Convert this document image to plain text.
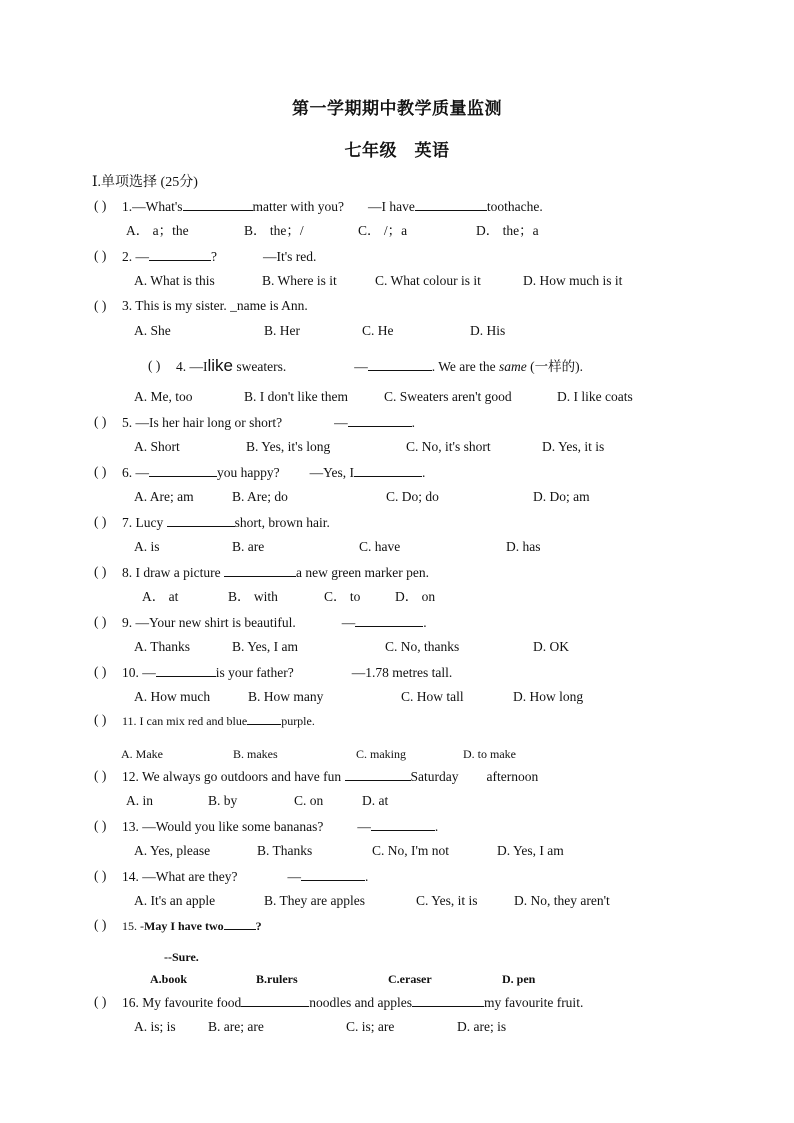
第一学期期中教学质量监测
七年级　英语
Ⅰ.单项选择 (25分)
( ) 1.—What's	matter with you? —I have	toothache.
A． a；the	B． the；/	C． /；a	D． the；a
( ) 2. —	?	—It's red.
A. What is this	B. Where is it	C. What colour is it	D. How much is it
( ) 3. This is my sister. _name is Ann.
A. She	B. Her	C. He	D. His
( ) 4. —Ilike sweaters.	—	. We are the same (一样的).
A. Me, too	B. I don't like them	C. Sweaters aren't good	D. I like coats
( ) 5. —Is her hair long or short?	—	.
A. Short	B. Yes, it's long	C. No, it's short	D. Yes, it is
( ) 6. —	you happy? —Yes, I	.
A. Are; am	B. Are; do	C. Do; do	D. Do; am
( ) 7. Lucy	short, brown hair.
A. is	B. are	C. have	D. has
( ) 8. I draw a picture	a new green marker pen.
A． at	B． with	C． to	D． on
( ) 9. —Your new shirt is beautiful.	—	.
A. Thanks	B. Yes, I am	C. No, thanks	D. OK
( ) 10. —	is your father?	—1.78 metres tall.
A. How much	B. How many	C. How tall	D. How long
( ) 11. I can mix red and blue	purple.
A. Make	B. makes	C. making	D. to make
( ) 12. We always go outdoors and have fun	Saturday afternoon
A. in	B. by	C. on	D. at
( ) 13. —Would you like some bananas?	—	.
A. Yes, please	B. Thanks	C. No, I'm not	D. Yes, I am
( ) 14. —What are they?	—	.
A. It's an apple	B. They are apples	C. Yes, it is	D. No, they aren't
( ) 15. -May I have two	?
--Sure.
A.book	B.rulers	C.eraser	D. pen
( ) 16. My favourite food	noodles and apples	my favourite fruit.
A. is; is B. are; are	C. is; are	D. are; is
